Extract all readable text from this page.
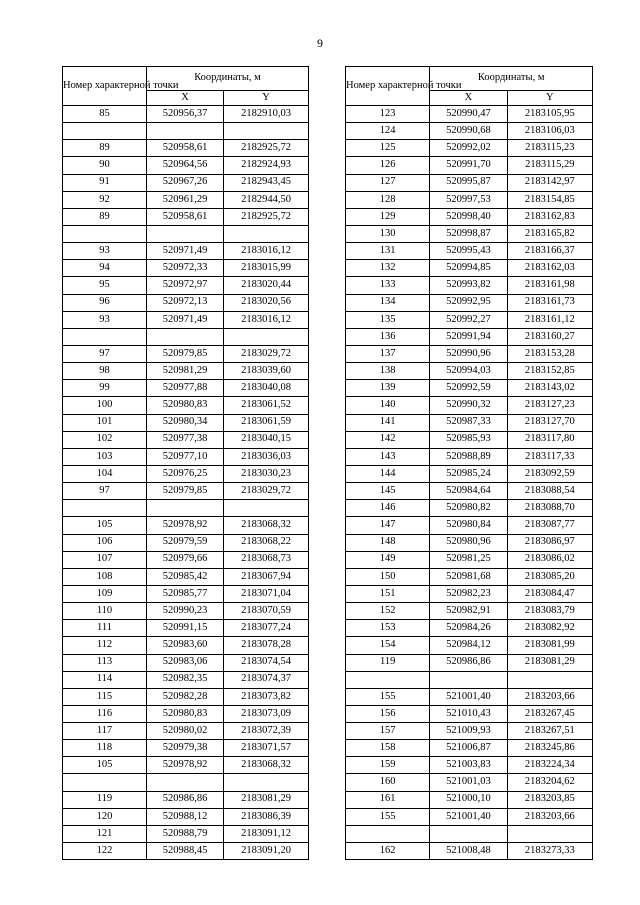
9
Номер характерной точки	Координаты, м	
	X	Y
85	520956,37	2182910,03

89	520958,61	2182925,72
90	520964,56	2182924,93
91	520967,26	2182943,45
92	520961,29	2182944,50
89	520958,61	2182925,72

93	520971,49	2183016,12
94	520972,33	2183015,99
95	520972,97	2183020,44
96	520972,13	2183020,56
93	520971,49	2183016,12

97	520979,85	2183029,72
98	520981,29	2183039,60
99	520977,88	2183040,08
100	520980,83	2183061,52
101	520980,34	2183061,59
102	520977,38	2183040,15
103	520977,10	2183036,03
104	520976,25	2183030,23
97	520979,85	2183029,72

105	520978,92	2183068,32
106	520979,59	2183068,22
107	520979,66	2183068,73
108	520985,42	2183067,94
109	520985,77	2183071,04
110	520990,23	2183070,59
111	520991,15	2183077,24
112	520983,60	2183078,28
113	520983,06	2183074,54
114	520982,35	2183074,37
115	520982,28	2183073,82
116	520980,83	2183073,09
117	520980,02	2183072,39
118	520979,38	2183071,57
105	520978,92	2183068,32

119	520986,86	2183081,29
120	520988,12	2183086,39
121	520988,79	2183091,12
122	520988,45	2183091,20
Номер характерной точки	Координаты, м	
	X	Y
123	520990,47	2183105,95
124	520990,68	2183106,03
125	520992,02	2183115,23
126	520991,70	2183115,29
127	520995,87	2183142,97
128	520997,53	2183154,85
129	520998,40	2183162,83
130	520998,87	2183165,82
131	520995,43	2183166,37
132	520994,85	2183162,03
133	520993,82	2183161,98
134	520992,95	2183161,73
135	520992,27	2183161,12
136	520991,94	2183160,27
137	520990,96	2183153,28
138	520994,03	2183152,85
139	520992,59	2183143,02
140	520990,32	2183127,23
141	520987,33	2183127,70
142	520985,93	2183117,80
143	520988,89	2183117,33
144	520985,24	2183092,59
145	520984,64	2183088,54
146	520980,82	2183088,70
147	520980,84	2183087,77
148	520980,96	2183086,97
149	520981,25	2183086,02
150	520981,68	2183085,20
151	520982,23	2183084,47
152	520982,91	2183083,79
153	520984,26	2183082,92
154	520984,12	2183081,99
119	520986,86	2183081,29

155	521001,40	2183203,66
156	521010,43	2183267,45
157	521009,93	2183267,51
158	521006,87	2183245,86
159	521003,83	2183224,34
160	521001,03	2183204,62
161	521000,10	2183203,85
155	521001,40	2183203,66

162	521008,48	2183273,33
